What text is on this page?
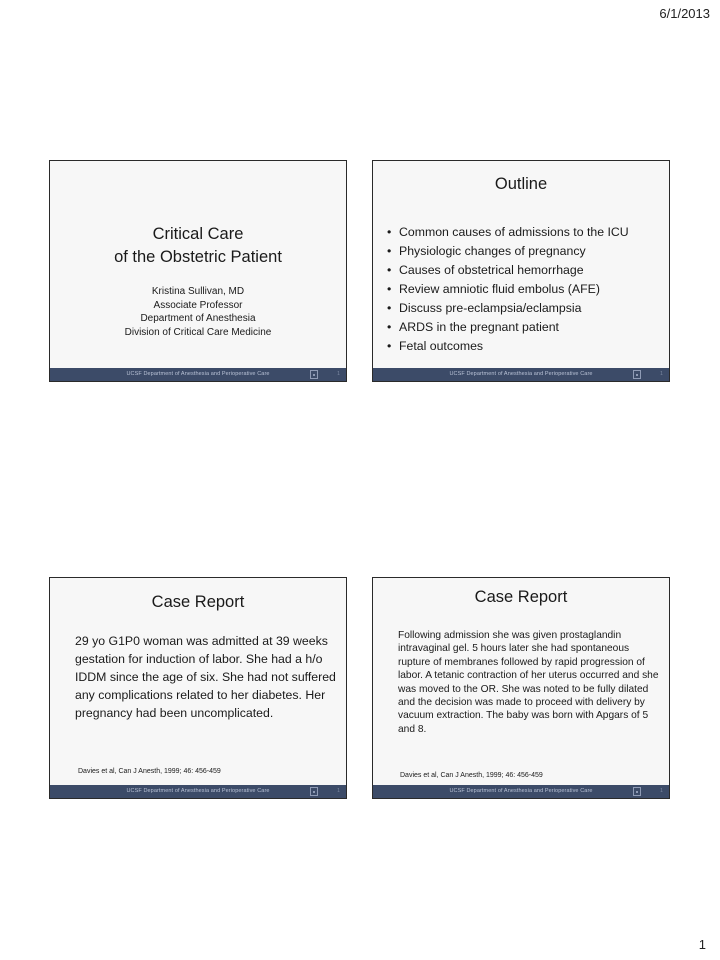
6/1/2013
Critical Care
of the Obstetric Patient
Kristina Sullivan, MD
Associate Professor
Department of Anesthesia
Division of Critical Care Medicine
UCSF Department of Anesthesia and Perioperative Care	1
Outline
• Common causes of admissions to the ICU
• Physiologic changes of pregnancy
• Causes of obstetrical hemorrhage
• Review amniotic fluid embolus (AFE)
• Discuss pre-eclampsia/eclampsia
• ARDS in the pregnant patient
• Fetal outcomes
UCSF Department of Anesthesia and Perioperative Care	1
Case Report

29 yo G1P0 woman was admitted at 39 weeks gestation for induction of labor. She had a h/o IDDM since the age of six. She had not suffered any complications related to her diabetes. Her pregnancy had been uncomplicated.

Davies et al, Can J Anesth, 1999; 46: 456-459
UCSF Department of Anesthesia and Perioperative Care	1
Case Report

Following admission she was given prostaglandin intravaginal gel. 5 hours later she had spontaneous rupture of membranes followed by rapid progression of labor. A tetanic contraction of her uterus occurred and she was moved to the OR. She was noted to be fully dilated and the decision was made to proceed with delivery by vacuum extraction. The baby was born with Apgars of 5 and 8.

Davies et al, Can J Anesth, 1999; 46: 456-459
UCSF Department of Anesthesia and Perioperative Care	1
1
